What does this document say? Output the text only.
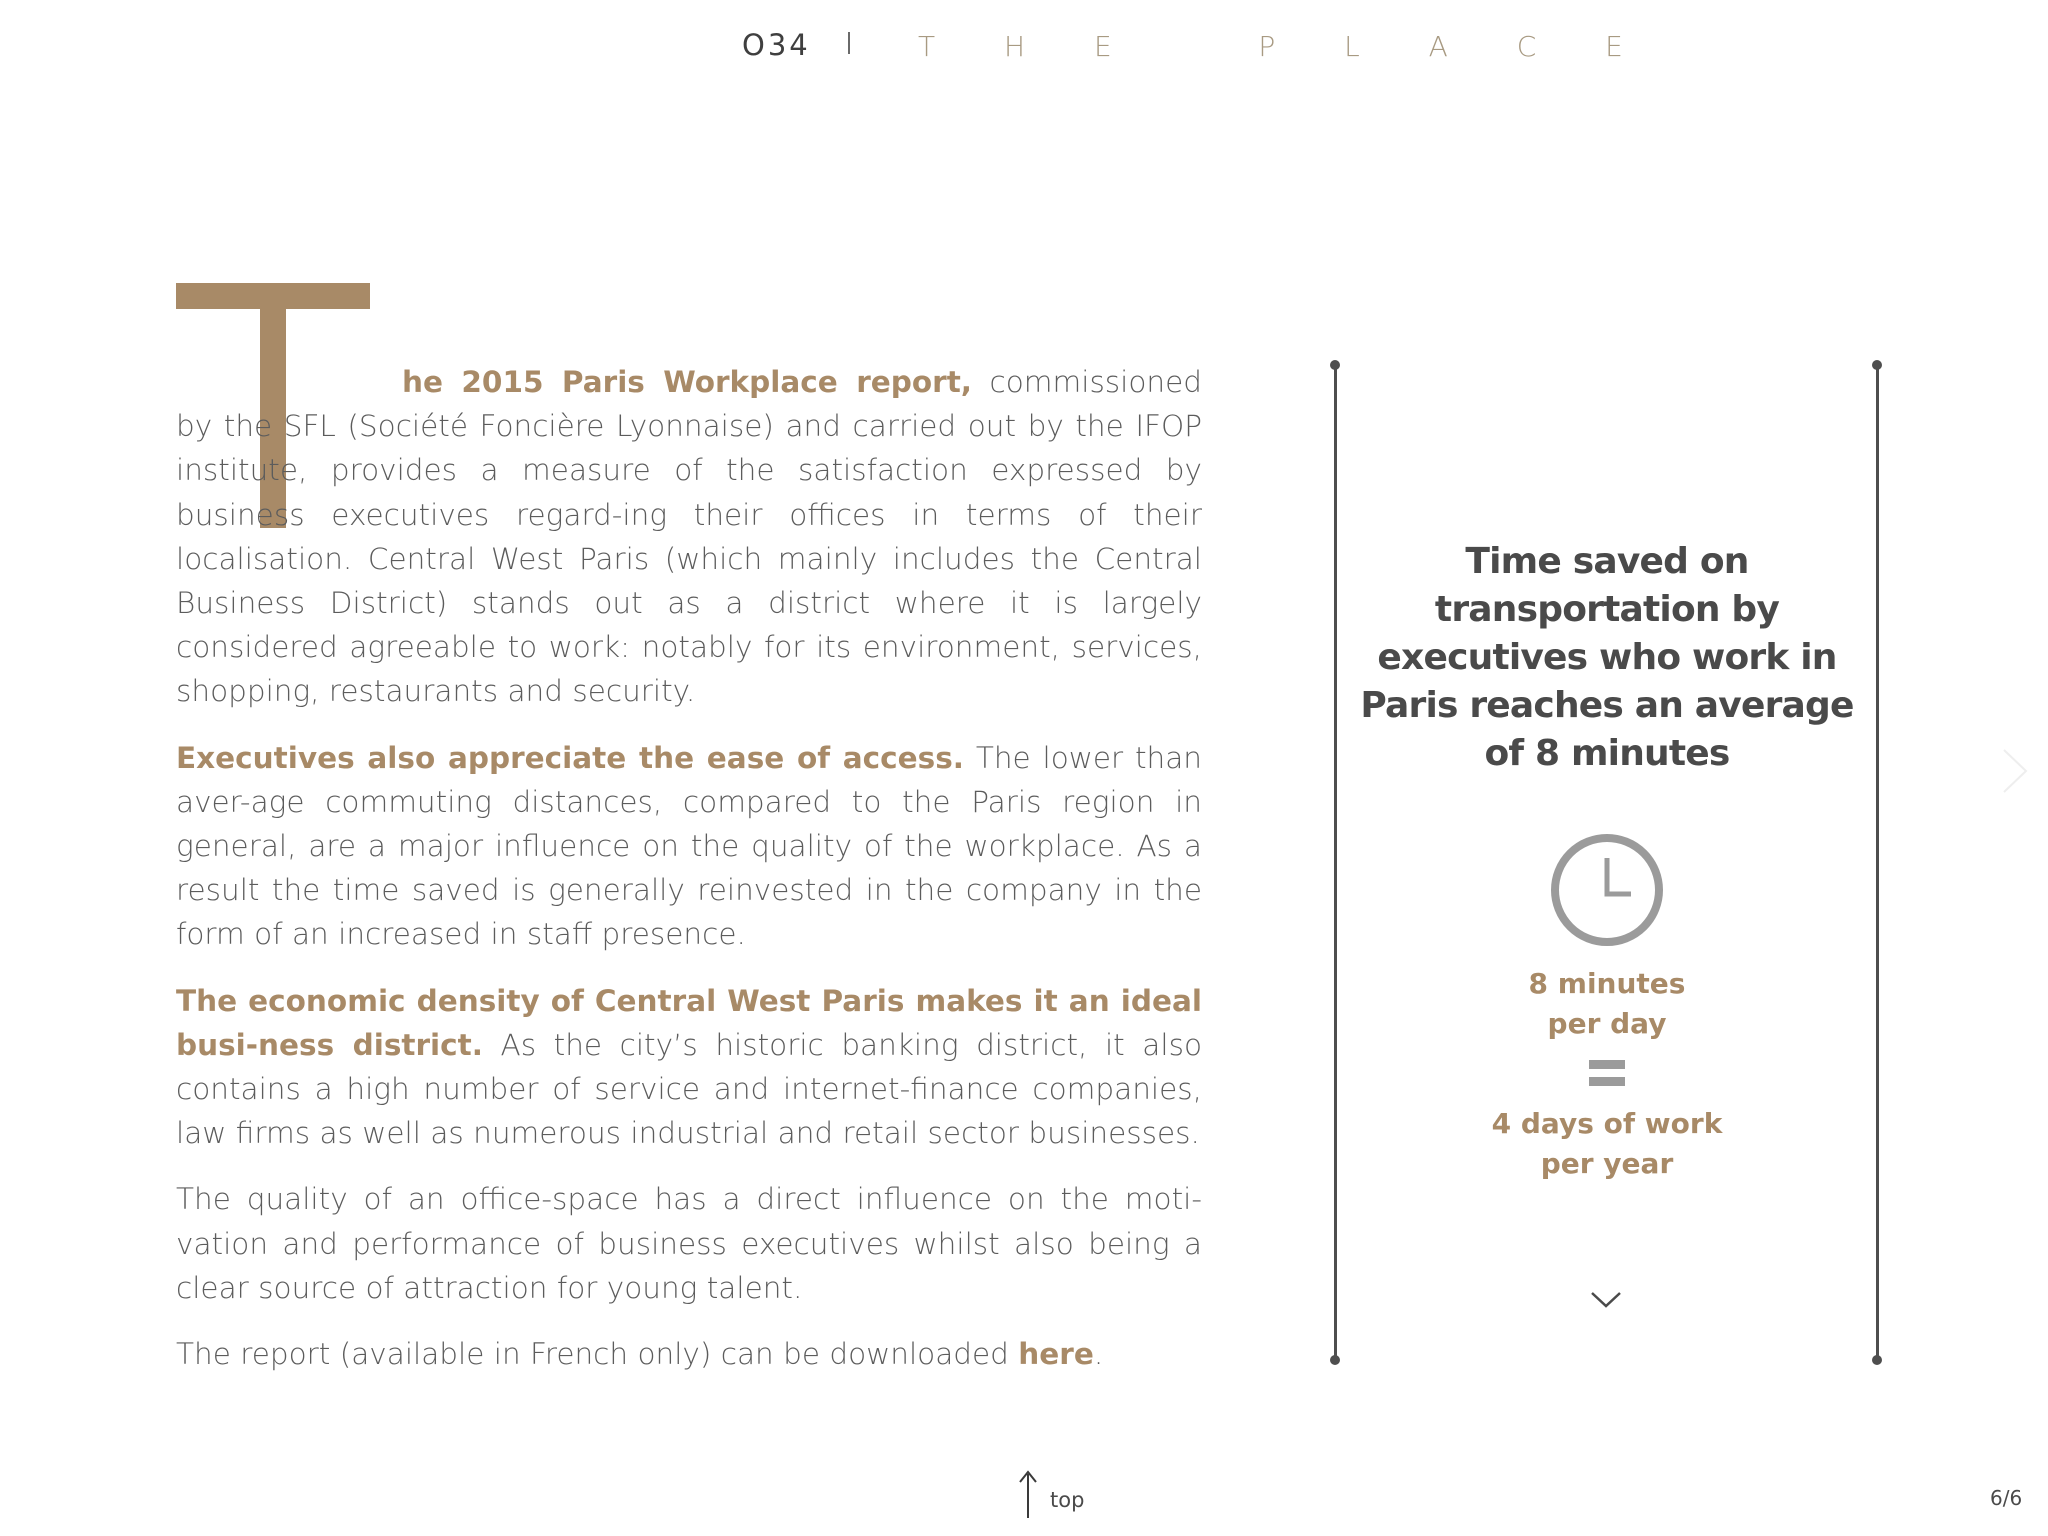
O34	T H E   P L A C E

he 2015 Paris Workplace report, commissioned by the SFL (Société Foncière Lyonnaise) and carried out by the IFOP institute, provides a measure of the satisfaction expressed by business executives regard-ing their offices in terms of their localisation. Central West Paris (which mainly includes the Central Business District) stands out as a district where it is largely considered agreeable to work: notably for its environment, services, shopping, restaurants and security.

Executives also appreciate the ease of access. The lower than aver-age commuting distances, compared to the Paris region in general, are a major influence on the quality of the workplace. As a result the time saved is generally reinvested in the company in the form of an increased in staff presence.

The economic density of Central West Paris makes it an ideal busi-ness district. As the city’s historic banking district, it also contains a high number of service and internet-finance companies, law firms as well as numerous industrial and retail sector businesses.

The quality of an office-space has a direct influence on the moti-vation and performance of business executives whilst also being a clear source of attraction for young talent.

The report (available in French only) can be downloaded here.

Time saved on transportation by executives who work in Paris reaches an average of 8 minutes

8 minutes
per day

4 days of work
per year

top	6/6
